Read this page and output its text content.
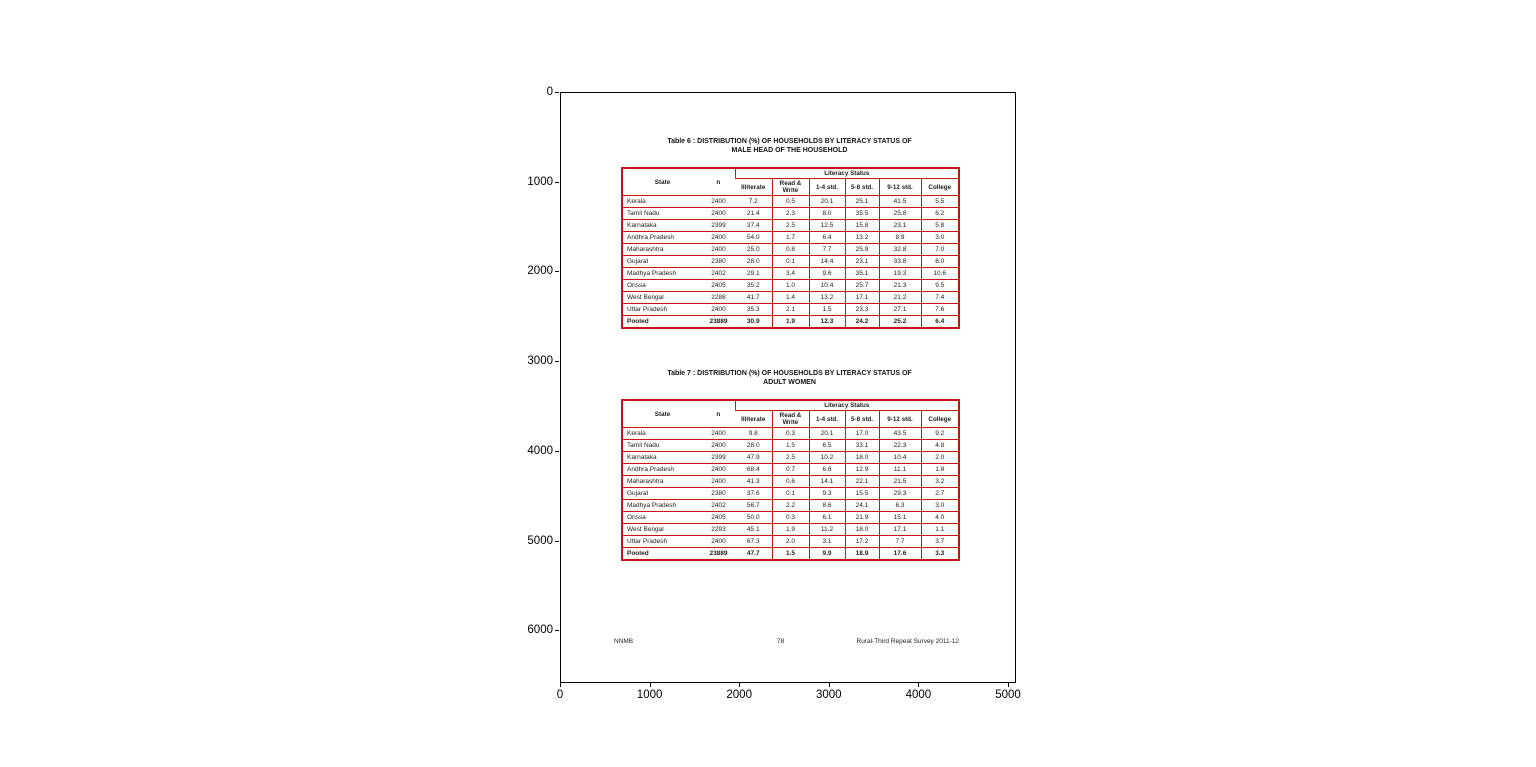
Table 6 : DISTRIBUTION (%) OF HOUSEHOLDS BY LITERACY STATUS OF
MALE HEAD OF THE HOUSEHOLD
State	n	Literacy Status					
		Illiterate	Read & Write	1-4 std.	5-8 std.	9-12 std.	College
Kerala	2400	7.2	0.5	20.1	25.1	41.5	5.5
Tamil Nadu	2400	21.4	2.3	8.0	35.5	25.8	6.2
Karnataka	2399	37.4	2.5	12.5	15.8	23.1	5.8
Andhra Pradesh	2400	54.0	1.7	6.4	13.2	8.9	3.0
Maharashtra	2400	25.0	0.8	7.7	25.9	32.8	7.0
Gujarat	2380	28.0	0.1	14.4	23.1	33.8	8.0
Madhya Pradesh	2402	29.1	3.4	9.6	35.1	19.3	10.6
Orissa	2405	35.2	1.0	10.4	25.7	21.3	9.5
West Bengal	2288	41.7	1.4	13.2	17.1	21.2	7.4
Uttar Pradesh	2400	35.3	2.1	1.5	23.3	27.1	7.6
Pooled	23889	30.9	1.9	12.3	24.2	25.2	6.4
Table 7 : DISTRIBUTION (%) OF HOUSEHOLDS BY LITERACY STATUS OF
ADULT WOMEN
State	n	Literacy Status					
		Illiterate	Read & Write	1-4 std.	5-8 std.	9-12 std.	College
Kerala	2400	9.8	0.3	20.1	17.0	43.5	9.2
Tamil Nadu	2400	28.0	1.5	6.5	33.1	22.3	4.8
Karnataka	2399	47.9	2.5	10.2	18.0	10.4	2.0
Andhra Pradesh	2400	68.4	0.7	6.6	12.9	11.1	1.8
Maharashtra	2400	41.3	0.6	14.1	22.1	21.5	3.2
Gujarat	2380	37.6	0.1	9.3	15.5	29.3	2.7
Madhya Pradesh	2402	56.7	2.2	8.6	24.1	6.3	3.0
Orissa	2405	50.0	0.3	6.1	21.9	15.1	4.0
West Bengal	2293	45.1	1.9	11.2	18.0	17.1	1.1
Uttar Pradesh	2400	67.3	2.0	3.1	17.2	7.7	3.7
Pooled	23889	47.7	1.5	9.9	18.9	17.6	3.3
NNMB	78	Rural-Third Repeat Survey 2011-12
0
1000
2000
3000
4000
5000
6000
0	1000	2000	3000	4000	5000
